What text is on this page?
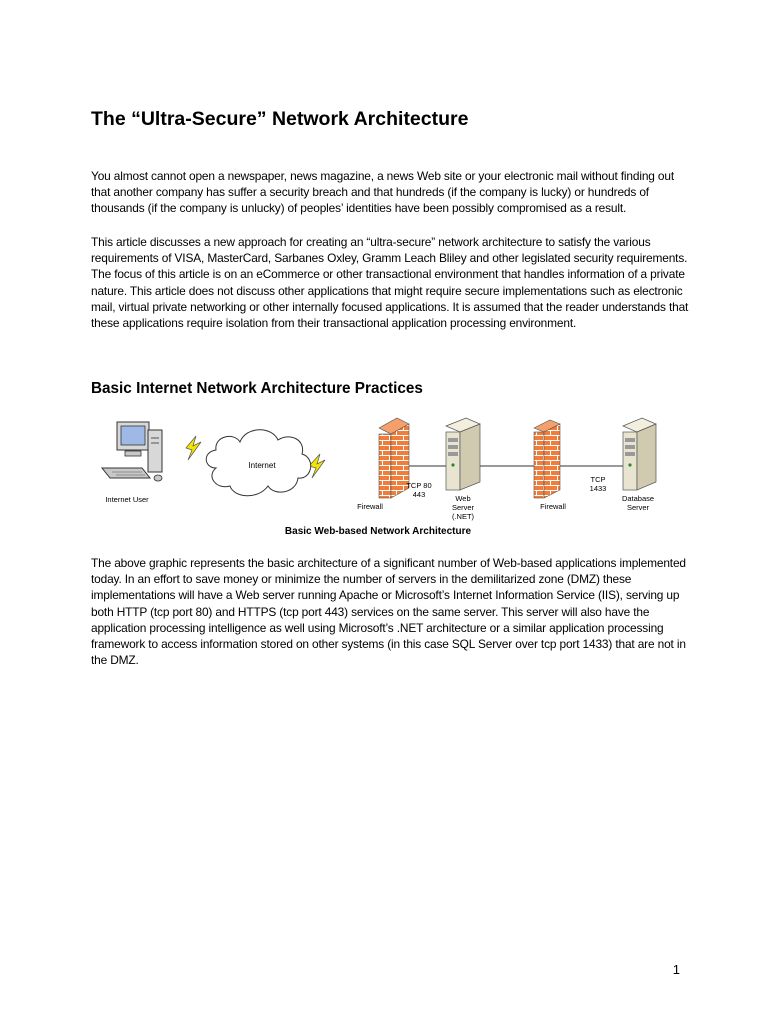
The “Ultra-Secure” Network Architecture

You almost cannot open a newspaper, news magazine, a news Web site or your electronic mail without finding out that another company has suffer a security breach and that hundreds (if the company is lucky) or hundreds of thousands (if the company is unlucky) of peoples’ identities have been possibly compromised as a result.

This article discusses a new approach for creating an “ultra-secure” network architecture to satisfy the various requirements of VISA, MasterCard, Sarbanes Oxley, Gramm Leach Bliley and other legislated security requirements. The focus of this article is on an eCommerce or other transactional environment that handles information of a private nature. This article does not discuss other applications that might require secure implementations such as electronic mail, virtual private networking or other internally focused applications. It is assumed that the reader understands that these applications require isolation from their transactional application processing environment.

Basic Internet Network Architecture Practices
Internet User
Internet
Firewall
TCP 80
443	Web
Server
(.NET)
Firewall
TCP
1433
Database
Server
Basic Web-based Network Architecture

The above graphic represents the basic architecture of a significant number of Web-based applications implemented today. In an effort to save money or minimize the number of servers in the demilitarized zone (DMZ) these implementations will have a Web server running Apache or Microsoft’s Internet Information Service (IIS), serving up both HTTP (tcp port 80) and HTTPS (tcp port 443) services on the same server. This server will also have the application processing intelligence as well using Microsoft’s .NET architecture or a similar application processing framework to access information stored on other systems (in this case SQL Server over tcp port 1433) that are not in the DMZ.

1
